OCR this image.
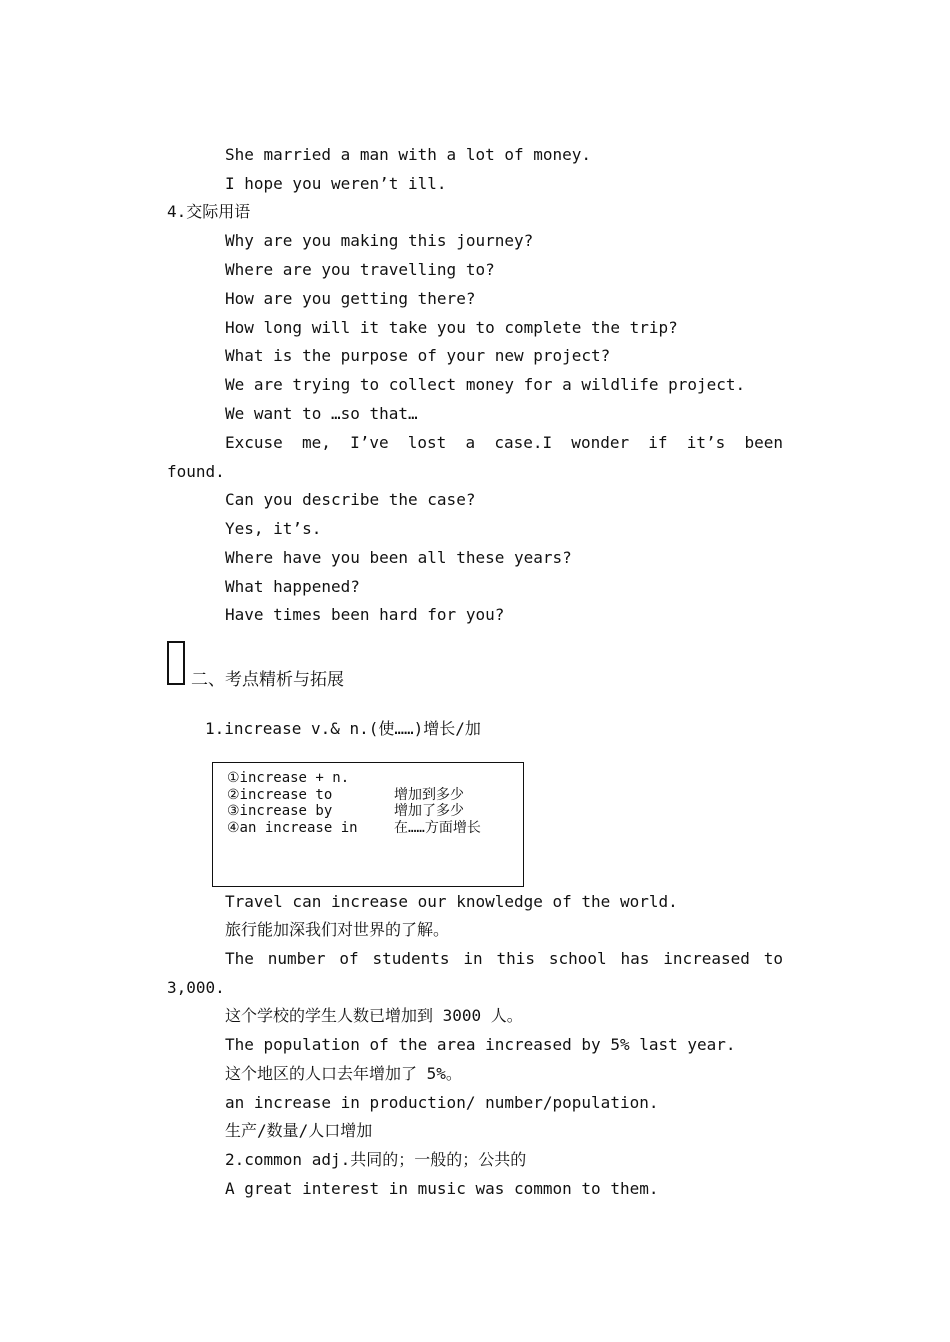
She married a man with a lot of money.
I hope you weren’t ill.
4.交际用语
Why are you making this journey?
Where are you travelling to?
How are you getting there?
How long will it take you to complete the trip?
What is the purpose of your new project?
We are trying to collect money for a wildlife project.
We want to …so that…
Excuse me, I’ve lost a case.I wonder if it’s been
found.
Can you describe the case?
Yes, it’s.
Where have you been all these years?
What happened?
Have times been hard for you?
二、考点精析与拓展
1.increase v.& n.(使……)增长/加
①increase + n.
②increase to	增加到多少
③increase by	增加了多少
④an increase in	在……方面增长
Travel can increase our knowledge of the world.
旅行能加深我们对世界的了解。
The number of students in this school has increased to
3,000.
这个学校的学生人数已增加到 3000 人。
The population of the area increased by 5% last year.
这个地区的人口去年增加了 5%。
an increase in production/ number/population.
生产/数量/人口增加
2.common adj.共同的；一般的；公共的
A great interest in music was common to them.
